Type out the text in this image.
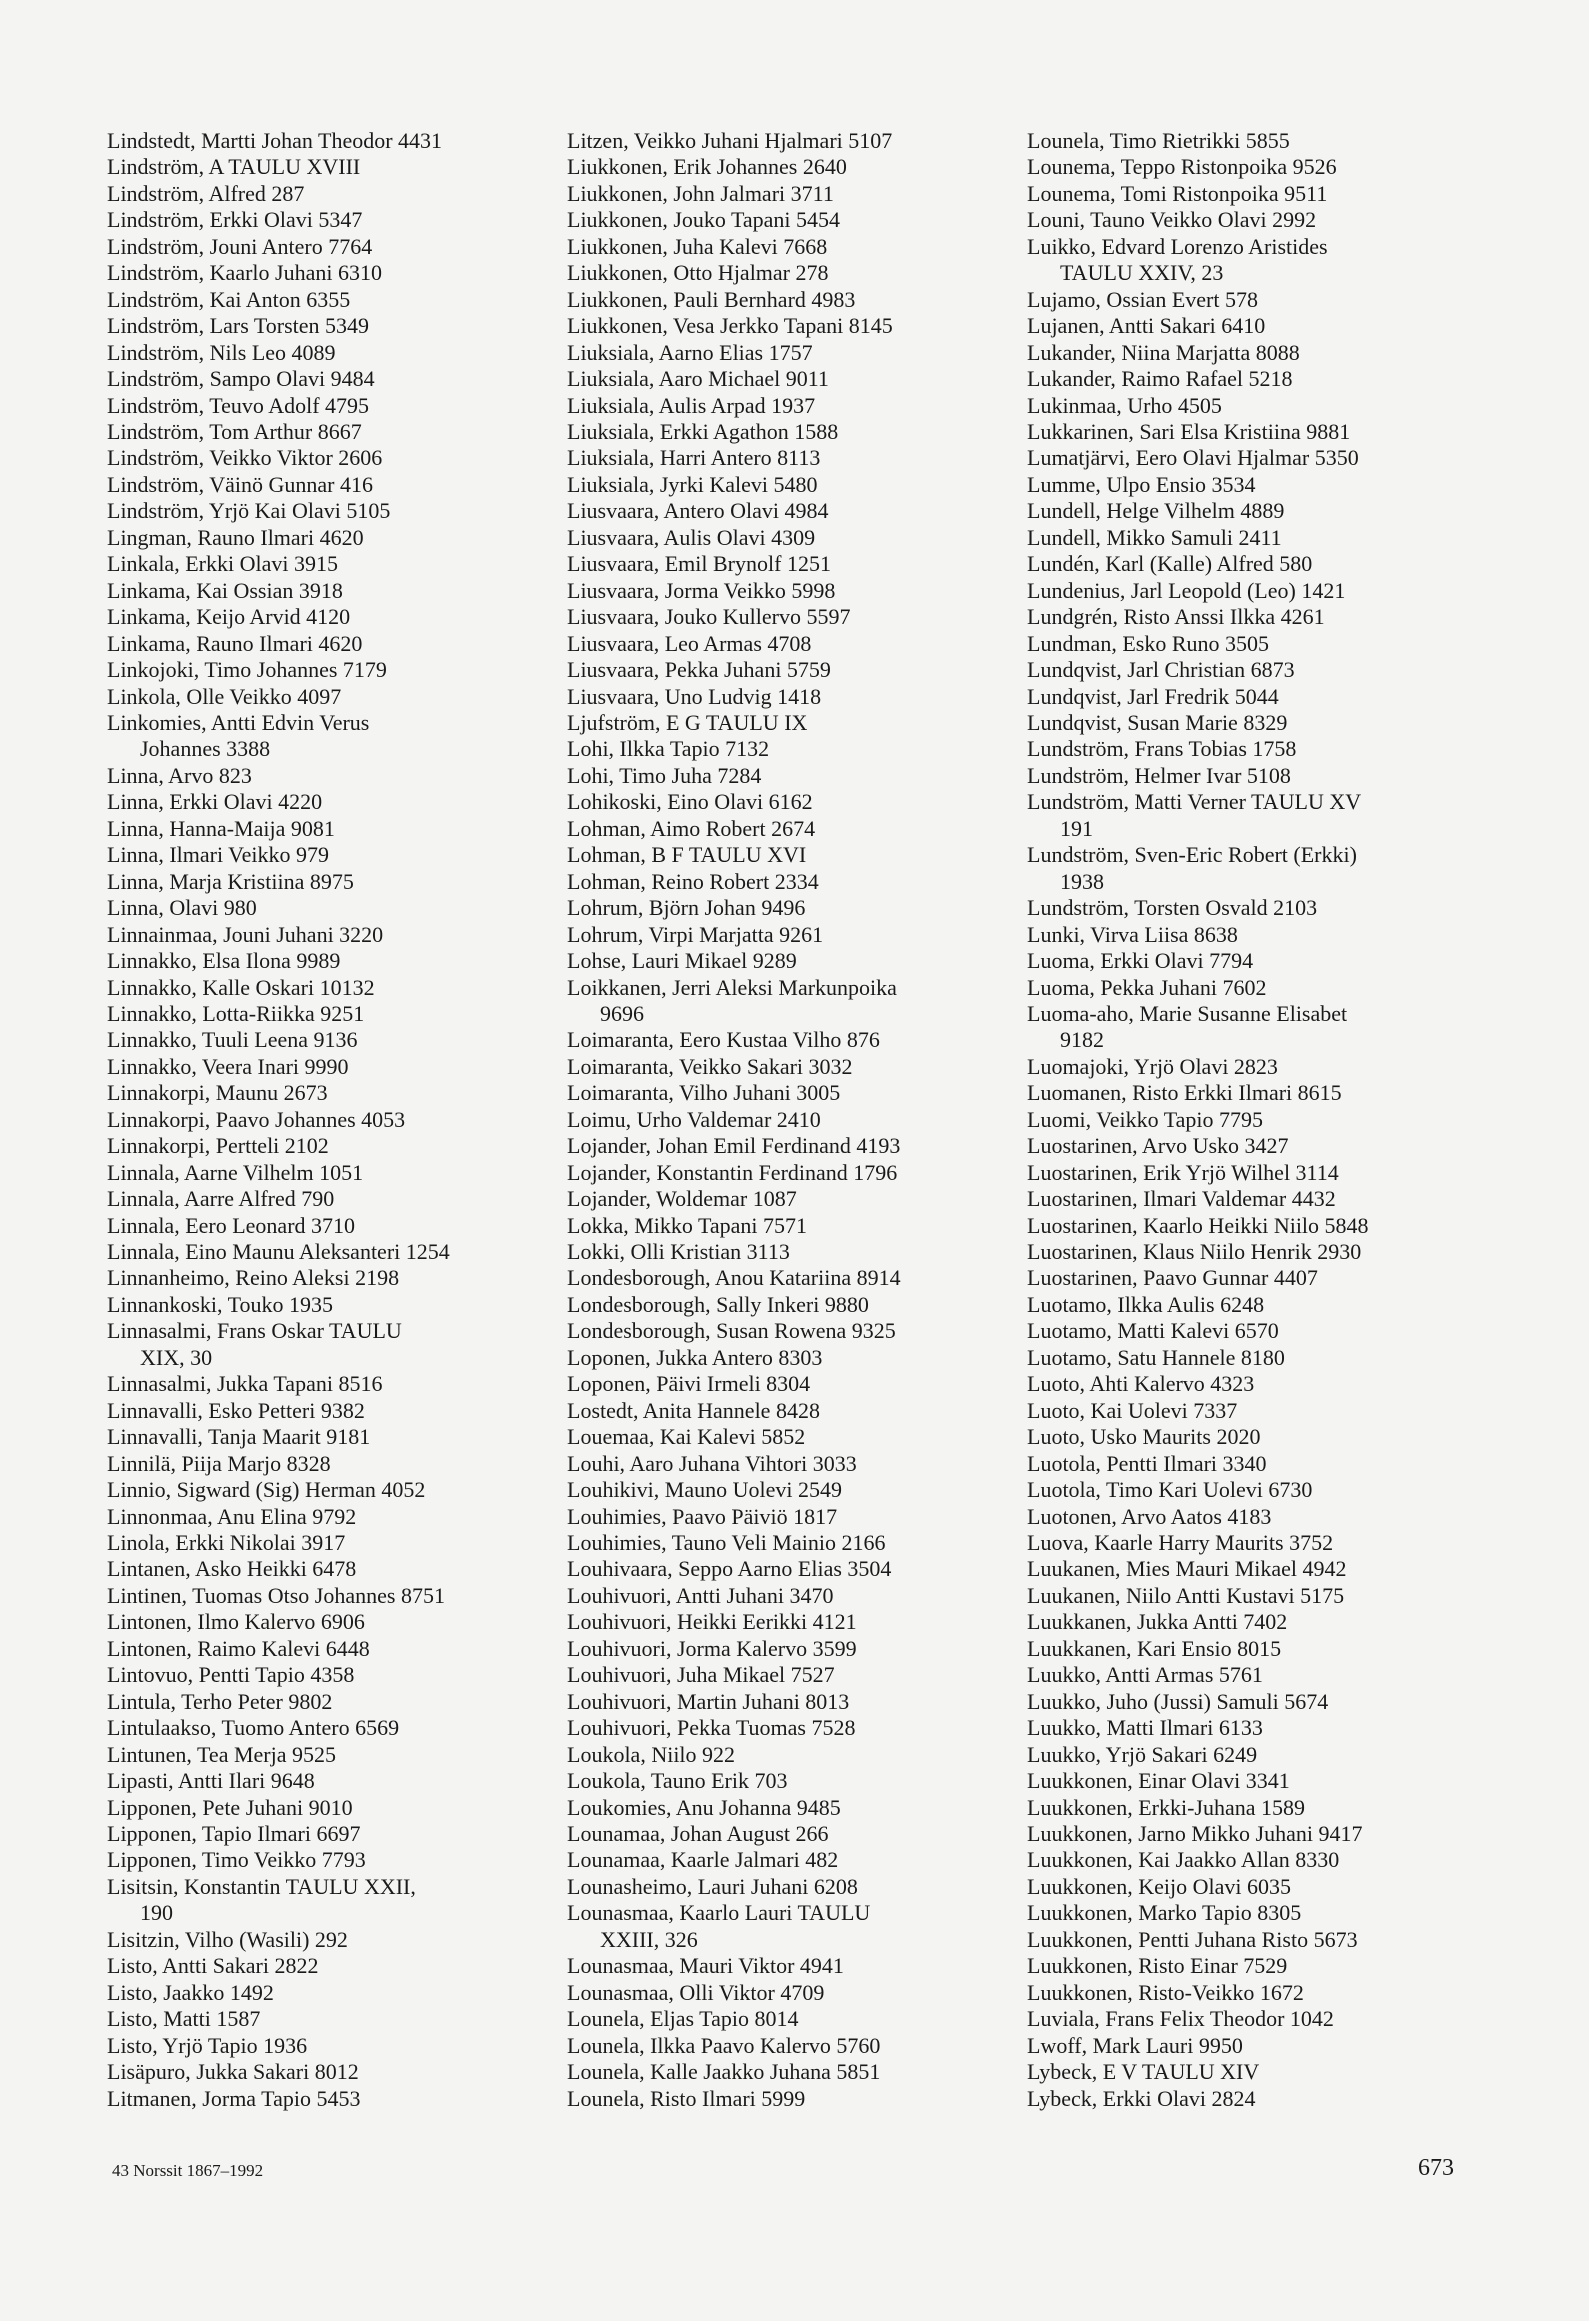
Lindstedt, Martti Johan Theodor 4431
Lindström, A TAULU XVIII
Lindström, Alfred 287
Lindström, Erkki Olavi 5347
Lindström, Jouni Antero 7764
Lindström, Kaarlo Juhani 6310
Lindström, Kai Anton 6355
Lindström, Lars Torsten 5349
Lindström, Nils Leo 4089
Lindström, Sampo Olavi 9484
Lindström, Teuvo Adolf 4795
Lindström, Tom Arthur 8667
Lindström, Veikko Viktor 2606
Lindström, Väinö Gunnar 416
Lindström, Yrjö Kai Olavi 5105
Lingman, Rauno Ilmari 4620
Linkala, Erkki Olavi 3915
Linkama, Kai Ossian 3918
Linkama, Keijo Arvid 4120
Linkama, Rauno Ilmari 4620
Linkojoki, Timo Johannes 7179
Linkola, Olle Veikko 4097
Linkomies, Antti Edvin Verus
Johannes 3388
Linna, Arvo 823
Linna, Erkki Olavi 4220
Linna, Hanna-Maija 9081
Linna, Ilmari Veikko 979
Linna, Marja Kristiina 8975
Linna, Olavi 980
Linnainmaa, Jouni Juhani 3220
Linnakko, Elsa Ilona 9989
Linnakko, Kalle Oskari 10132
Linnakko, Lotta-Riikka 9251
Linnakko, Tuuli Leena 9136
Linnakko, Veera Inari 9990
Linnakorpi, Maunu 2673
Linnakorpi, Paavo Johannes 4053
Linnakorpi, Pertteli 2102
Linnala, Aarne Vilhelm 1051
Linnala, Aarre Alfred 790
Linnala, Eero Leonard 3710
Linnala, Eino Maunu Aleksanteri 1254
Linnanheimo, Reino Aleksi 2198
Linnankoski, Touko 1935
Linnasalmi, Frans Oskar TAULU
XIX, 30
Linnasalmi, Jukka Tapani 8516
Linnavalli, Esko Petteri 9382
Linnavalli, Tanja Maarit 9181
Linnilä, Piija Marjo 8328
Linnio, Sigward (Sig) Herman 4052
Linnonmaa, Anu Elina 9792
Linola, Erkki Nikolai 3917
Lintanen, Asko Heikki 6478
Lintinen, Tuomas Otso Johannes 8751
Lintonen, Ilmo Kalervo 6906
Lintonen, Raimo Kalevi 6448
Lintovuo, Pentti Tapio 4358
Lintula, Terho Peter 9802
Lintulaakso, Tuomo Antero 6569
Lintunen, Tea Merja 9525
Lipasti, Antti Ilari 9648
Lipponen, Pete Juhani 9010
Lipponen, Tapio Ilmari 6697
Lipponen, Timo Veikko 7793
Lisitsin, Konstantin TAULU XXII,
190
Lisitzin, Vilho (Wasili) 292
Listo, Antti Sakari 2822
Listo, Jaakko 1492
Listo, Matti 1587
Listo, Yrjö Tapio 1936
Lisäpuro, Jukka Sakari 8012
Litmanen, Jorma Tapio 5453
Litzen, Veikko Juhani Hjalmari 5107
Liukkonen, Erik Johannes 2640
Liukkonen, John Jalmari 3711
Liukkonen, Jouko Tapani 5454
Liukkonen, Juha Kalevi 7668
Liukkonen, Otto Hjalmar 278
Liukkonen, Pauli Bernhard 4983
Liukkonen, Vesa Jerkko Tapani 8145
Liuksiala, Aarno Elias 1757
Liuksiala, Aaro Michael 9011
Liuksiala, Aulis Arpad 1937
Liuksiala, Erkki Agathon 1588
Liuksiala, Harri Antero 8113
Liuksiala, Jyrki Kalevi 5480
Liusvaara, Antero Olavi 4984
Liusvaara, Aulis Olavi 4309
Liusvaara, Emil Brynolf 1251
Liusvaara, Jorma Veikko 5998
Liusvaara, Jouko Kullervo 5597
Liusvaara, Leo Armas 4708
Liusvaara, Pekka Juhani 5759
Liusvaara, Uno Ludvig 1418
Ljufström, E G TAULU IX
Lohi, Ilkka Tapio 7132
Lohi, Timo Juha 7284
Lohikoski, Eino Olavi 6162
Lohman, Aimo Robert 2674
Lohman, B F TAULU XVI
Lohman, Reino Robert 2334
Lohrum, Björn Johan 9496
Lohrum, Virpi Marjatta 9261
Lohse, Lauri Mikael 9289
Loikkanen, Jerri Aleksi Markunpoika
9696
Loimaranta, Eero Kustaa Vilho 876
Loimaranta, Veikko Sakari 3032
Loimaranta, Vilho Juhani 3005
Loimu, Urho Valdemar 2410
Lojander, Johan Emil Ferdinand 4193
Lojander, Konstantin Ferdinand 1796
Lojander, Woldemar 1087
Lokka, Mikko Tapani 7571
Lokki, Olli Kristian 3113
Londesborough, Anou Katariina 8914
Londesborough, Sally Inkeri 9880
Londesborough, Susan Rowena 9325
Loponen, Jukka Antero 8303
Loponen, Päivi Irmeli 8304
Lostedt, Anita Hannele 8428
Louemaa, Kai Kalevi 5852
Louhi, Aaro Juhana Vihtori 3033
Louhikivi, Mauno Uolevi 2549
Louhimies, Paavo Päiviö 1817
Louhimies, Tauno Veli Mainio 2166
Louhivaara, Seppo Aarno Elias 3504
Louhivuori, Antti Juhani 3470
Louhivuori, Heikki Eerikki 4121
Louhivuori, Jorma Kalervo 3599
Louhivuori, Juha Mikael 7527
Louhivuori, Martin Juhani 8013
Louhivuori, Pekka Tuomas 7528
Loukola, Niilo 922
Loukola, Tauno Erik 703
Loukomies, Anu Johanna 9485
Lounamaa, Johan August 266
Lounamaa, Kaarle Jalmari 482
Lounasheimo, Lauri Juhani 6208
Lounasmaa, Kaarlo Lauri TAULU
XXIII, 326
Lounasmaa, Mauri Viktor 4941
Lounasmaa, Olli Viktor 4709
Lounela, Eljas Tapio 8014
Lounela, Ilkka Paavo Kalervo 5760
Lounela, Kalle Jaakko Juhana 5851
Lounela, Risto Ilmari 5999
Lounela, Timo Rietrikki 5855
Lounema, Teppo Ristonpoika 9526
Lounema, Tomi Ristonpoika 9511
Louni, Tauno Veikko Olavi 2992
Luikko, Edvard Lorenzo Aristides
TAULU XXIV, 23
Lujamo, Ossian Evert 578
Lujanen, Antti Sakari 6410
Lukander, Niina Marjatta 8088
Lukander, Raimo Rafael 5218
Lukinmaa, Urho 4505
Lukkarinen, Sari Elsa Kristiina 9881
Lumatjärvi, Eero Olavi Hjalmar 5350
Lumme, Ulpo Ensio 3534
Lundell, Helge Vilhelm 4889
Lundell, Mikko Samuli 2411
Lundén, Karl (Kalle) Alfred 580
Lundenius, Jarl Leopold (Leo) 1421
Lundgrén, Risto Anssi Ilkka 4261
Lundman, Esko Runo 3505
Lundqvist, Jarl Christian 6873
Lundqvist, Jarl Fredrik 5044
Lundqvist, Susan Marie 8329
Lundström, Frans Tobias 1758
Lundström, Helmer Ivar 5108
Lundström, Matti Verner TAULU XV
191
Lundström, Sven-Eric Robert (Erkki)
1938
Lundström, Torsten Osvald 2103
Lunki, Virva Liisa 8638
Luoma, Erkki Olavi 7794
Luoma, Pekka Juhani 7602
Luoma-aho, Marie Susanne Elisabet
9182
Luomajoki, Yrjö Olavi 2823
Luomanen, Risto Erkki Ilmari 8615
Luomi, Veikko Tapio 7795
Luostarinen, Arvo Usko 3427
Luostarinen, Erik Yrjö Wilhel 3114
Luostarinen, Ilmari Valdemar 4432
Luostarinen, Kaarlo Heikki Niilo 5848
Luostarinen, Klaus Niilo Henrik 2930
Luostarinen, Paavo Gunnar 4407
Luotamo, Ilkka Aulis 6248
Luotamo, Matti Kalevi 6570
Luotamo, Satu Hannele 8180
Luoto, Ahti Kalervo 4323
Luoto, Kai Uolevi 7337
Luoto, Usko Maurits 2020
Luotola, Pentti Ilmari 3340
Luotola, Timo Kari Uolevi 6730
Luotonen, Arvo Aatos 4183
Luova, Kaarle Harry Maurits 3752
Luukanen, Mies Mauri Mikael 4942
Luukanen, Niilo Antti Kustavi 5175
Luukkanen, Jukka Antti 7402
Luukkanen, Kari Ensio 8015
Luukko, Antti Armas 5761
Luukko, Juho (Jussi) Samuli 5674
Luukko, Matti Ilmari 6133
Luukko, Yrjö Sakari 6249
Luukkonen, Einar Olavi 3341
Luukkonen, Erkki-Juhana 1589
Luukkonen, Jarno Mikko Juhani 9417
Luukkonen, Kai Jaakko Allan 8330
Luukkonen, Keijo Olavi 6035
Luukkonen, Marko Tapio 8305
Luukkonen, Pentti Juhana Risto 5673
Luukkonen, Risto Einar 7529
Luukkonen, Risto-Veikko 1672
Luviala, Frans Felix Theodor 1042
Lwoff, Mark Lauri 9950
Lybeck, E V TAULU XIV
Lybeck, Erkki Olavi 2824
43 Norssit 1867–1992	673
